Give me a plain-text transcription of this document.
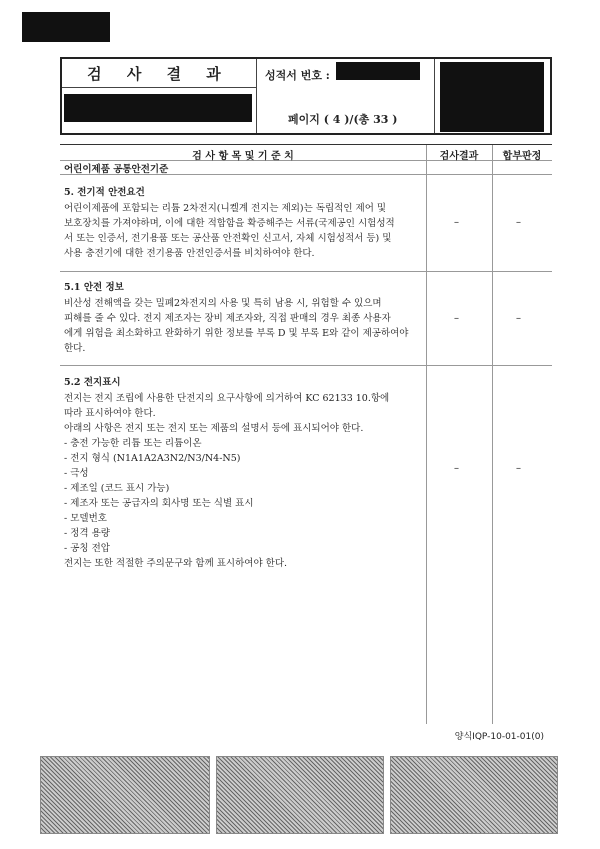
검 사 결 과	성적서 번호 :
페이지 ( 4 )/(총 33 )
검 사 항 목 및 기 준 치	검사결과	합부판정
어린이제품 공통안전기준
5. 전기적 안전요건

어린이제품에 포함되는 리튬 2차전지(니켈계 전지는 제외)는 독립적인 제어 및

보호장치를 가져야하며, 이에 대한 적합함을 확증해주는 서류(국제공인 시험성적

서 또는 인증서, 전기용품 또는 공산품 안전확인 신고서, 자체 시험성적서 등) 및

사용 충전기에 대한 전기용품 안전인증서를 비치하여야 한다.

–	–
5.1 안전 정보

비산성 전해액을 갖는 밀폐2차전지의 사용 및 특히 남용 시, 위험할 수 있으며

피해를 줄 수 있다. 전지 제조자는 장비 제조자와, 직접 판매의 경우 최종 사용자

에게 위험을 최소화하고 완화하기 위한 정보를 부록 D 및 부록 E와 같이 제공하여야

한다.

–	–
5.2 전지표시

전지는 전지 조립에 사용한 단전지의 요구사항에 의거하여 KC 62133 10.항에

따라 표시하여야 한다.

아래의 사항은 전지 또는 전지 또는 제품의 설명서 등에 표시되어야 한다.

- 충전 가능한 리튬 또는 리튬이온

- 전지 형식 (N1A1A2A3N2/N3/N4-N5)

- 극성

- 제조일 (코드 표시 가능)

- 제조자 또는 공급자의 회사명 또는 식별 표시

- 모델번호

- 정격 용량

- 공칭 전압

전지는 또한 적절한 주의문구와 함께 표시하여야 한다.

–	–
양식IQP-10-01-01(0)
